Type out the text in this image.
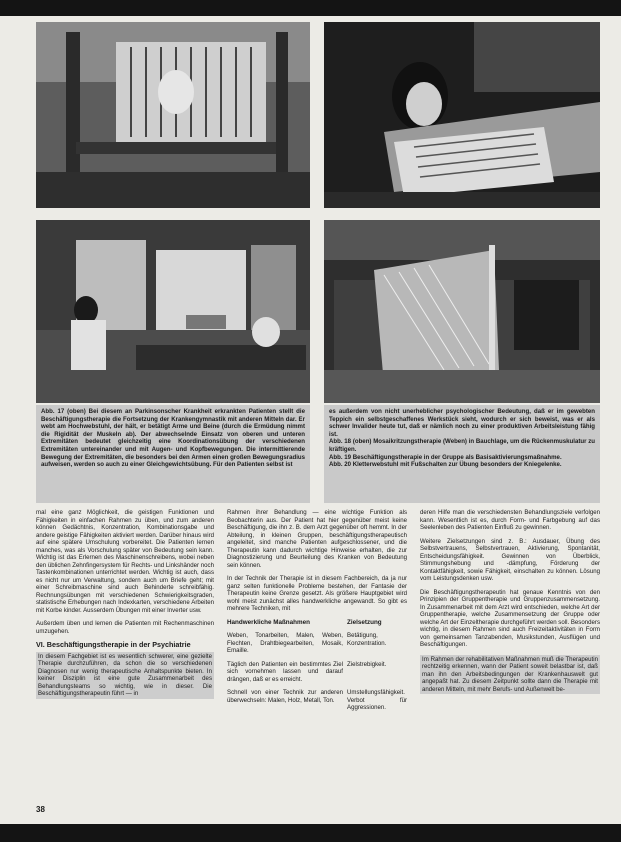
Abb. 17 (oben) Bei diesem an Parkinsonscher Krankheit erkrankten Patienten stellt die Beschäftigungstherapie die Fortsetzung der Krankengymnastik mit anderen Mitteln dar. Er webt am Hochwebstuhl, der hält, er betätigt Arme und Beine (durch die Ermüdung nimmt die Rigidität der Muskeln ab). Der abwechselnde Einsatz von oberen und unteren Extremitäten bedeutet gleichzeitig eine Koordinationsübung der verschiedenen Extremitäten untereinander und mit Augen- und Kopfbewegungen. Die intermittierende Bewegung der Extremitäten, die besonders bei den Armen einen großen Bewegungsradius aufweisen, werden so auch zu einer Gleichgewichtsübung. Für den Patienten selbst ist

es außerdem von nicht unerheblicher psychologischer Bedeutung, daß er im gewebten Teppich ein selbstgeschaffenes Werkstück sieht, wodurch er sich beweist, was er als schwer Invalider heute tut, daß er nämlich noch zu einer produktiven Arbeitsleistung fähig ist.

Abb. 18 (oben) Mosaikritzungstherapie (Weben) in Bauchlage, um die Rückenmuskulatur zu kräftigen.

Abb. 19 Beschäftigungstherapie in der Gruppe als Basisaktivierungsmaßnahme.

Abb. 20 Kletterwebstuhl mit Fußschalten zur Übung besonders der Kniegelenke.

mal eine ganz Möglichkeit, die geistigen Funktionen und Fähigkeiten in einfachen Rahmen zu üben, und zum anderen können Gedächtnis, Konzentration, Kombinationsgabe und andere geistige Fähigkeiten aktiviert werden. Darüber hinaus wird auf eine spätere Umschulung vorbereitet. Die Patienten lernen manches, was als Vorschulung später von Bedeutung sein kann. Wichtig ist das Erlernen des Maschinenschreibens, wobei neben den üblichen Zehnfingersystem für Rechts- und Linkshänder noch Tastenkombinationen unterrichtet werden. Wichtig ist auch, dass es nicht nur um Verwaltung, sondern auch um Briefe geht; mit einer Schreibmaschine sind auch Behinderte schreibfähig. Rechnungsübungen mit verschiedenen Schwierigkeitsgraden, statistische Erhebungen nach Indexkarten, verschiedene Arbeiten mit Korbe kinder. Ausserdem Übungen mit einer Inverter usw.

Außerdem üben und lernen die Patienten mit Rechenmaschinen umzugehen.

VI. Beschäftigungstherapie in der Psychiatrie

In diesem Fachgebiet ist es wesentlich schwerer, eine gezielte Therapie durchzuführen, da schon die so verschiedenen Diagnosen nur wenig therapeutische Anhaltspunkte bieten. In keiner Disziplin ist eine gute Zusammenarbeit des Behandlungsteams so wichtig, wie in dieser. Die Beschäftigungstherapeutin führt — in

Rahmen ihrer Behandlung — eine wichtige Funktion als Beobachterin aus. Der Patient hat hier gegenüber meist keine Beschäftigung, die ihn z. B. dem Arzt gegenüber oft hemmt. In der Abteilung, in kleinen Gruppen, beschäftigungstherapeutisch angeleitet, sind manche Patienten aufgeschlossener, und die Therapeutin kann dadurch wichtige Hinweise erhalten, die zur Diagnostizierung und Beurteilung des Kranken von Bedeutung sein können.

In der Technik der Therapie ist in diesem Fachbereich, da ja nur ganz selten funktionelle Probleme bestehen, der Fantasie der Therapeutin keine Grenze gesetzt. Als größere Hauptgebiet wird wohl meist zunächst alles handwerkliche angewandt. So gibt es mehrere Techniken, mit

Handwerkliche Maßnahmen	Zielsetzung
Weben, Tonarbeiten, Malen, Weben, Flechten, Drahtbiegearbeiten, Mosaik, Emaille.
Betätigung, Konzentration.
Täglich den Patienten ein bestimmtes Ziel sich vornehmen lassen und darauf drängen, daß er es erreicht.
Zielstrebigkeit.
Schnell von einer Technik zur anderen überwechseln: Malen, Holz, Metall, Ton.
Umstellungsfähigkeit. Verbot für Aggressionen.

deren Hilfe man die verschiedensten Behandlungsziele verfolgen kann. Wesentlich ist es, durch Form- und Farbgebung auf das Seelenleben des Patienten Einfluß zu gewinnen.

Weitere Zielsetzungen sind z. B.: Ausdauer, Übung des Selbstvertrauens, Selbstvertrauen, Aktivierung, Spontanität, Entscheidungsfähigkeit. Gewinnen von Überblick, Stimmungshebung und -dämpfung, Förderung der Kontaktfähigkeit, sowie Fähigkeit, einschalten zu können. Lösung vom Leistungsdenken usw.

Die Beschäftigungstherapeutin hat genaue Kenntnis von den Prinzipien der Gruppentherapie und Gruppenzusammensetzung. In Zusammenarbeit mit dem Arzt wird entschieden, welche Art der Gruppentherapie, welche Zusammensetzung der Gruppe oder welche Art der Einzeltherapie durchgeführt werden soll. Besonders wichtig, in diesem Rahmen sind auch Freizeitaktivitäten in Form von gemeinsamen Tanzabenden, Musikstunden, Ausflügen und Beschäftigungen.

Im Rahmen der rehabilitativen Maßnahmen muß die Therapeutin rechtzeitig erkennen, wann der Patient soweit belastbar ist, daß man ihn den Arbeitsbedingungen der Krankenhauswelt gut angepaßt hat. Zu diesem Zeitpunkt sollte dann die Therapie mit anderen Mitteln, mit mehr Berufs- und Außenwelt be-

38
